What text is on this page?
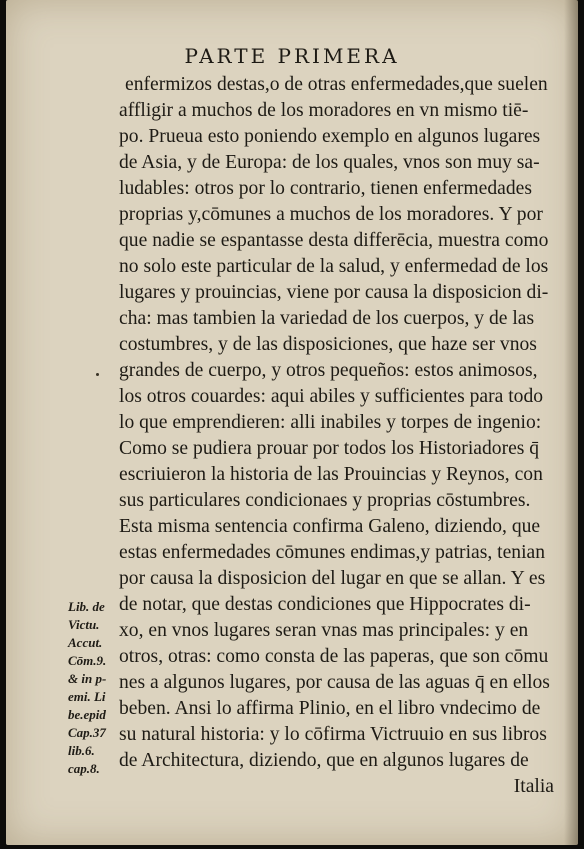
PARTE PRIMERA
enfermizos destas,o de otras enfermedades,que suelen
affligir a muchos de los moradores en vn mismo tiē-
po. Prueua esto poniendo exemplo en algunos lugares
de Asia, y de Europa: de los quales, vnos son muy sa-
ludables: otros por lo contrario, tienen enfermedades
proprias y,cōmunes a muchos de los moradores. Y por
que nadie se espantasse desta differēcia, muestra como
no solo este particular de la salud, y enfermedad de los
lugares y prouincias, viene por causa la disposicion di-
cha: mas tambien la variedad de los cuerpos, y de las
costumbres, y de las disposiciones, que haze ser vnos
grandes de cuerpo, y otros pequeños: estos animosos,
los otros couardes: aqui abiles y sufficientes para todo
lo que emprendieren: alli inabiles y torpes de ingenio:
Como se pudiera prouar por todos los Historiadores q̄
escriuieron la historia de las Prouincias y Reynos, con
sus particulares condicionaes y proprias cōstumbres.
Esta misma sentencia confirma Galeno, diziendo, que
estas enfermedades cōmunes endimas,y patrias, tenian
por causa la disposicion del lugar en que se allan. Y es
de notar, que destas condiciones que Hippocrates di-
xo, en vnos lugares seran vnas mas principales: y en
otros, otras: como consta de las paperas, que son cōmu
nes a algunos lugares, por causa de las aguas q̄ en ellos
beben. Ansi lo affirma Plinio, en el libro vndecimo de
su natural historia: y lo cōfirma Victruuio en sus libros
de Architectura, diziendo, que en algunos lugares de
Italia
Lib. de
Victu.
Accut.
Cōm.9.
& in p-
emi. Li
be.epid
Cap.37
lib.6.
cap.8.
